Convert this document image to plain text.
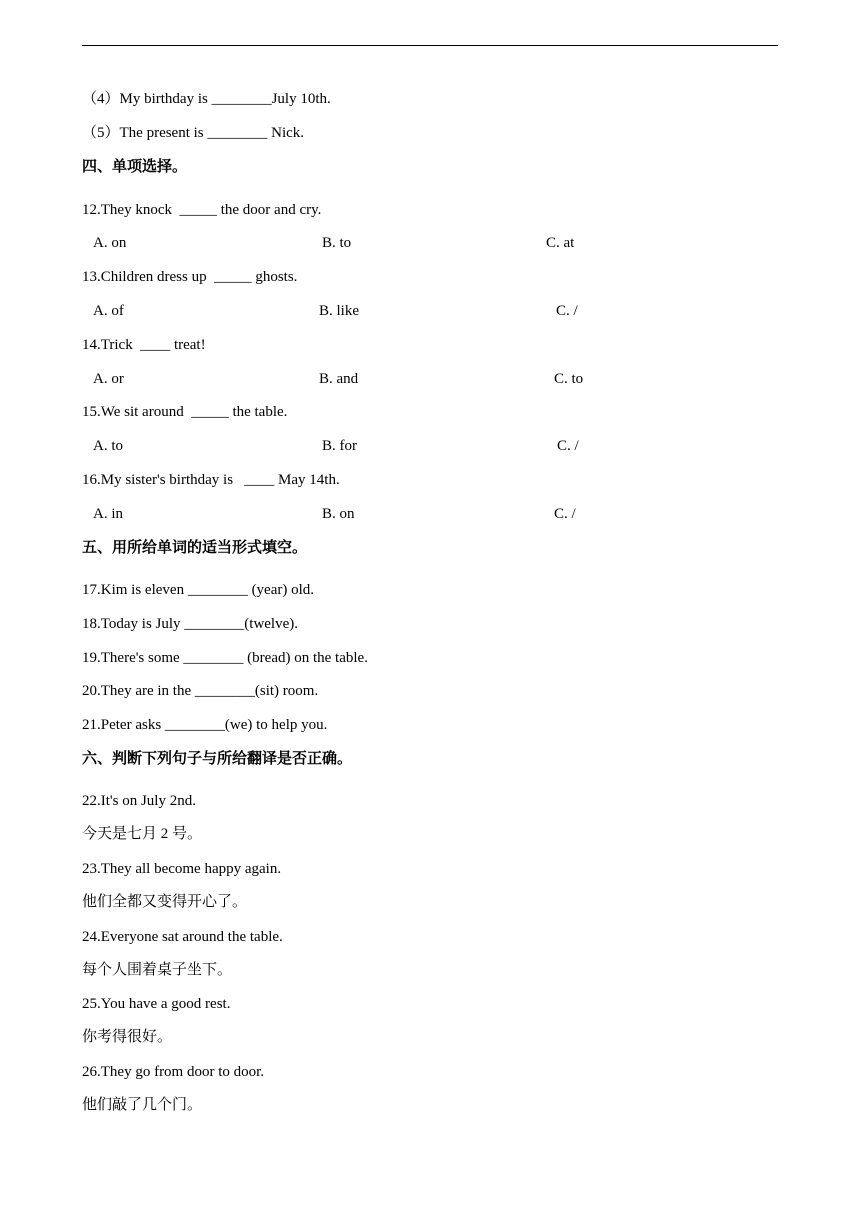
（4）My birthday is ________July 10th.
（5）The present is ________ Nick.
四、单项选择。
12.They knock  _____ the door and cry.
A. on	B. to	C. at
13.Children dress up  _____ ghosts.
A. of	B. like	C. /
14.Trick  ____ treat!
A. or	B. and	C. to
15.We sit around  _____ the table.
A. to	B. for	C. /
16.My sister's birthday is   ____ May 14th.
A. in	B. on	C. /
五、用所给单词的适当形式填空。
17.Kim is eleven ________ (year) old.
18.Today is July ________(twelve).
19.There's some ________ (bread) on the table.
20.They are in the ________(sit) room.
21.Peter asks ________(we) to help you.
六、判断下列句子与所给翻译是否正确。
22.It's on July 2nd.
今天是七月 2 号。
23.They all become happy again.
他们全都又变得开心了。
24.Everyone sat around the table.
每个人围着桌子坐下。
25.You have a good rest.
你考得很好。
26.They go from door to door.
他们敲了几个门。
